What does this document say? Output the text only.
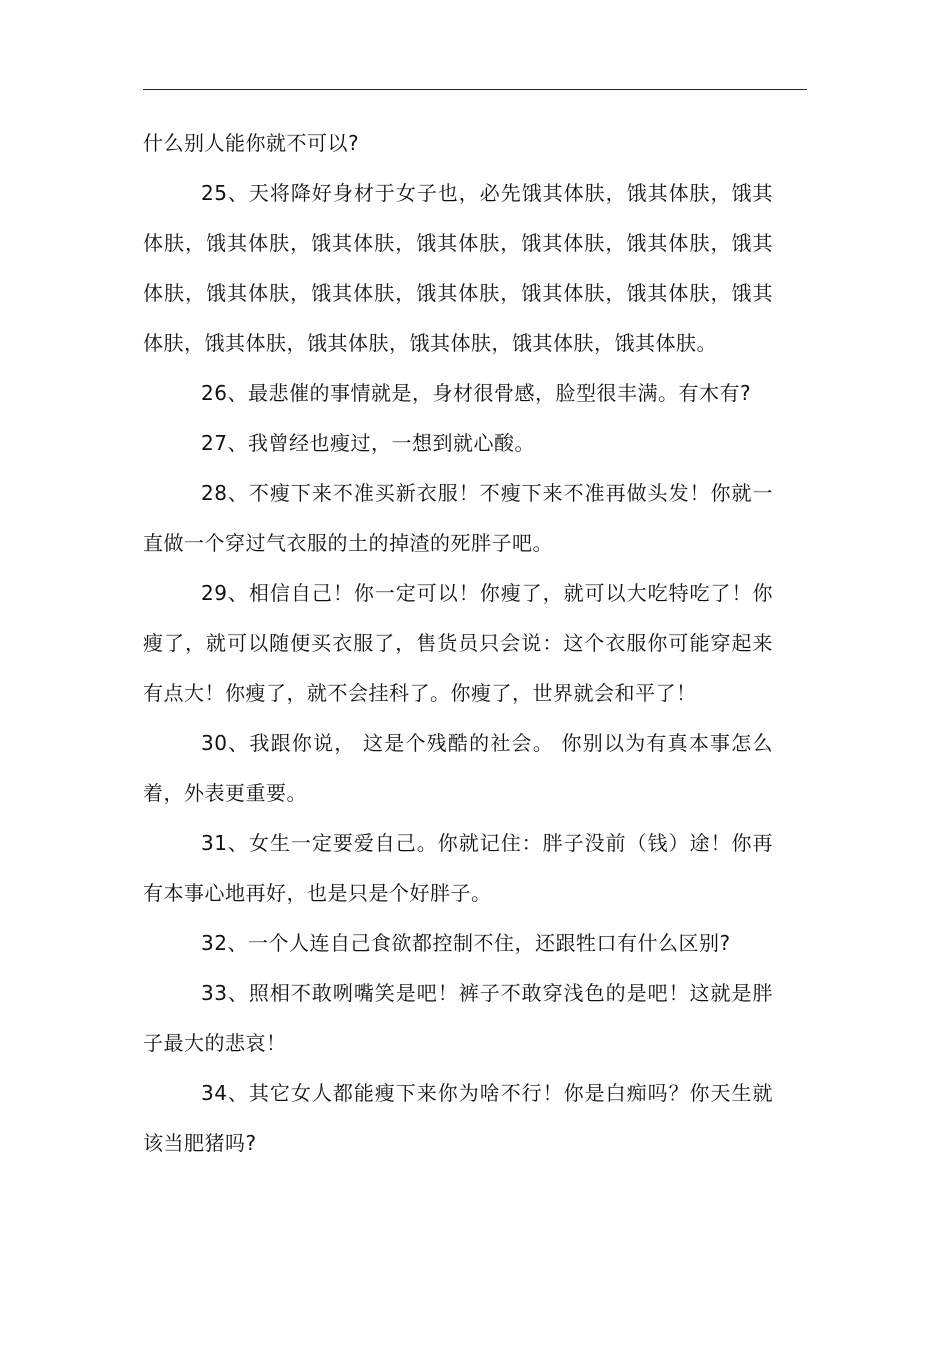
什么别人能你就不可以?

25、天将降好身材于女子也，必先饿其体肤，饿其体肤，饿其体肤，饿其体肤，饿其体肤，饿其体肤，饿其体肤，饿其体肤，饿其体肤，饿其体肤，饿其体肤，饿其体肤，饿其体肤，饿其体肤，饿其体肤，饿其体肤，饿其体肤，饿其体肤，饿其体肤，饿其体肤。

26、最悲催的事情就是，身材很骨感，脸型很丰满。有木有?

27、我曾经也瘦过，一想到就心酸。

28、不瘦下来不准买新衣服！不瘦下来不准再做头发！你就一直做一个穿过气衣服的土的掉渣的死胖子吧。

29、相信自己！你一定可以！你瘦了，就可以大吃特吃了！你瘦了，就可以随便买衣服了，售货员只会说：这个衣服你可能穿起来有点大！你瘦了，就不会挂科了。你瘦了，世界就会和平了！

30、我跟你说， 这是个残酷的社会。 你别以为有真本事怎么着，外表更重要。

31、女生一定要爱自己。你就记住：胖子没前（钱）途！你再有本事心地再好，也是只是个好胖子。

32、一个人连自己食欲都控制不住，还跟牲口有什么区别?

33、照相不敢咧嘴笑是吧！裤子不敢穿浅色的是吧！这就是胖子最大的悲哀！

34、其它女人都能瘦下来你为啥不行！你是白痴吗？你天生就该当肥猪吗?
